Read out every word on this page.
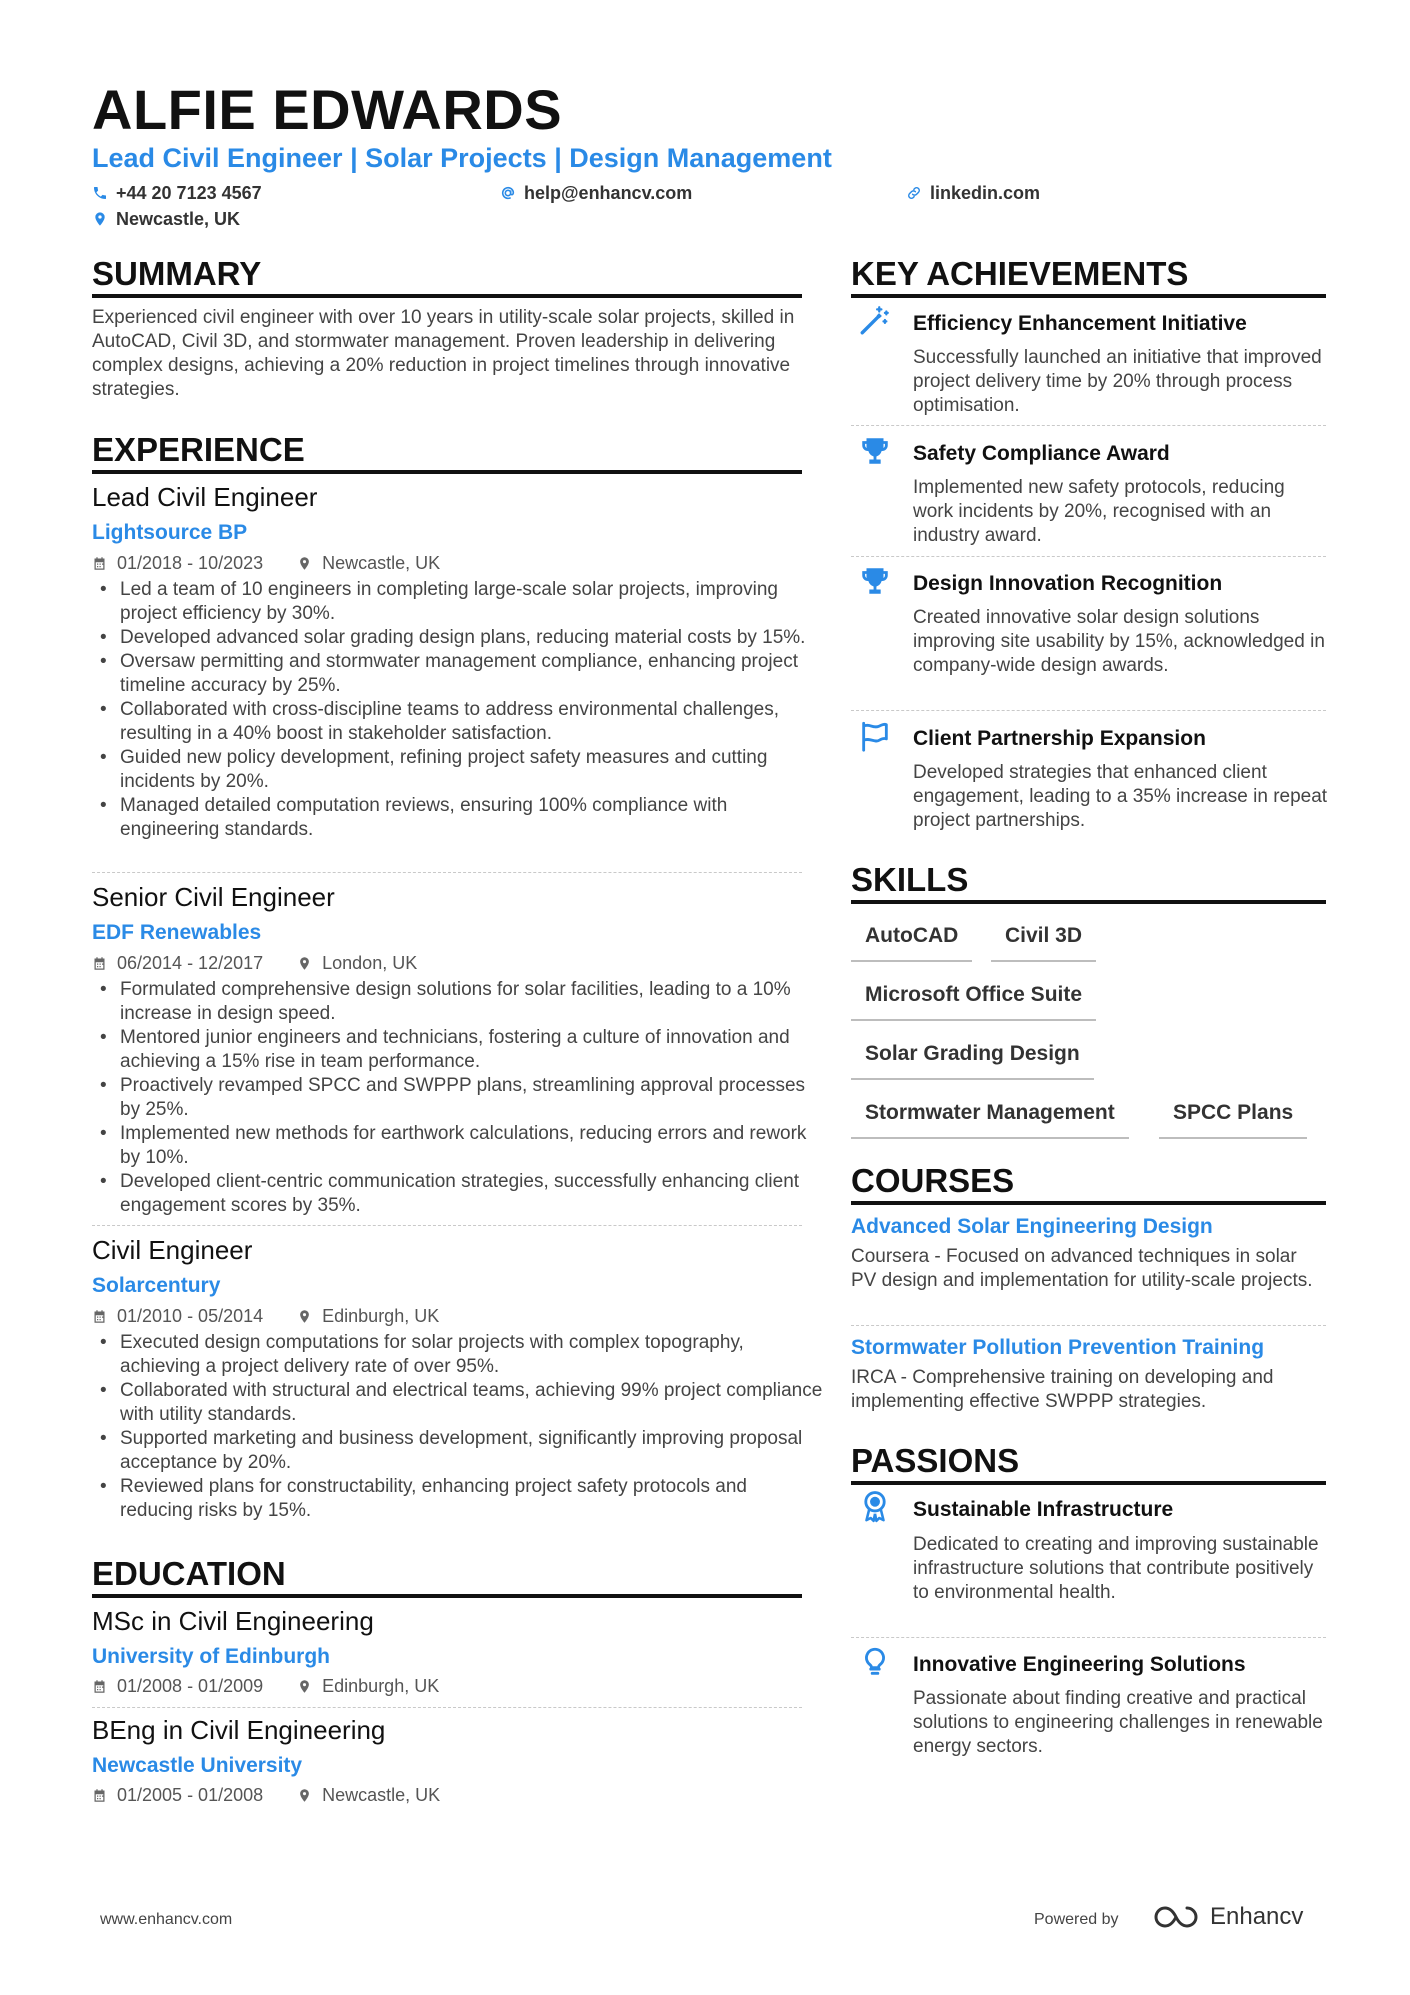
ALFIE EDWARDS
Lead Civil Engineer | Solar Projects | Design Management
+44 20 7123 4567	help@enhancv.com	linkedin.com
Newcastle, UK
SUMMARY
Experienced civil engineer with over 10 years in utility-scale solar projects, skilled in AutoCAD, Civil 3D, and stormwater management. Proven leadership in delivering complex designs, achieving a 20% reduction in project timelines through innovative strategies.
EXPERIENCE
Lead Civil Engineer
Lightsource BP
01/2018 - 10/2023	Newcastle, UK
• Led a team of 10 engineers in completing large-scale solar projects, improving project efficiency by 30%.
• Developed advanced solar grading design plans, reducing material costs by 15%.
• Oversaw permitting and stormwater management compliance, enhancing project timeline accuracy by 25%.
• Collaborated with cross-discipline teams to address environmental challenges, resulting in a 40% boost in stakeholder satisfaction.
• Guided new policy development, refining project safety measures and cutting incidents by 20%.
• Managed detailed computation reviews, ensuring 100% compliance with engineering standards.
Senior Civil Engineer
EDF Renewables
06/2014 - 12/2017	London, UK
• Formulated comprehensive design solutions for solar facilities, leading to a 10% increase in design speed.
• Mentored junior engineers and technicians, fostering a culture of innovation and achieving a 15% rise in team performance.
• Proactively revamped SPCC and SWPPP plans, streamlining approval processes by 25%.
• Implemented new methods for earthwork calculations, reducing errors and rework by 10%.
• Developed client-centric communication strategies, successfully enhancing client engagement scores by 35%.
Civil Engineer
Solarcentury
01/2010 - 05/2014	Edinburgh, UK
• Executed design computations for solar projects with complex topography, achieving a project delivery rate of over 95%.
• Collaborated with structural and electrical teams, achieving 99% project compliance with utility standards.
• Supported marketing and business development, significantly improving proposal acceptance by 20%.
• Reviewed plans for constructability, enhancing project safety protocols and reducing risks by 15%.
EDUCATION
MSc in Civil Engineering
University of Edinburgh
01/2008 - 01/2009	Edinburgh, UK
BEng in Civil Engineering
Newcastle University
01/2005 - 01/2008	Newcastle, UK
KEY ACHIEVEMENTS
Efficiency Enhancement Initiative
Successfully launched an initiative that improved project delivery time by 20% through process optimisation.
Safety Compliance Award
Implemented new safety protocols, reducing work incidents by 20%, recognised with an industry award.
Design Innovation Recognition
Created innovative solar design solutions improving site usability by 15%, acknowledged in company-wide design awards.
Client Partnership Expansion
Developed strategies that enhanced client engagement, leading to a 35% increase in repeat project partnerships.
SKILLS
AutoCAD	Civil 3D
Microsoft Office Suite
Solar Grading Design
Stormwater Management	SPCC Plans
COURSES
Advanced Solar Engineering Design
Coursera - Focused on advanced techniques in solar PV design and implementation for utility-scale projects.
Stormwater Pollution Prevention Training
IRCA - Comprehensive training on developing and implementing effective SWPPP strategies.
PASSIONS
Sustainable Infrastructure
Dedicated to creating and improving sustainable infrastructure solutions that contribute positively to environmental health.
Innovative Engineering Solutions
Passionate about finding creative and practical solutions to engineering challenges in renewable energy sectors.
www.enhancv.com	Powered by	Enhancv
